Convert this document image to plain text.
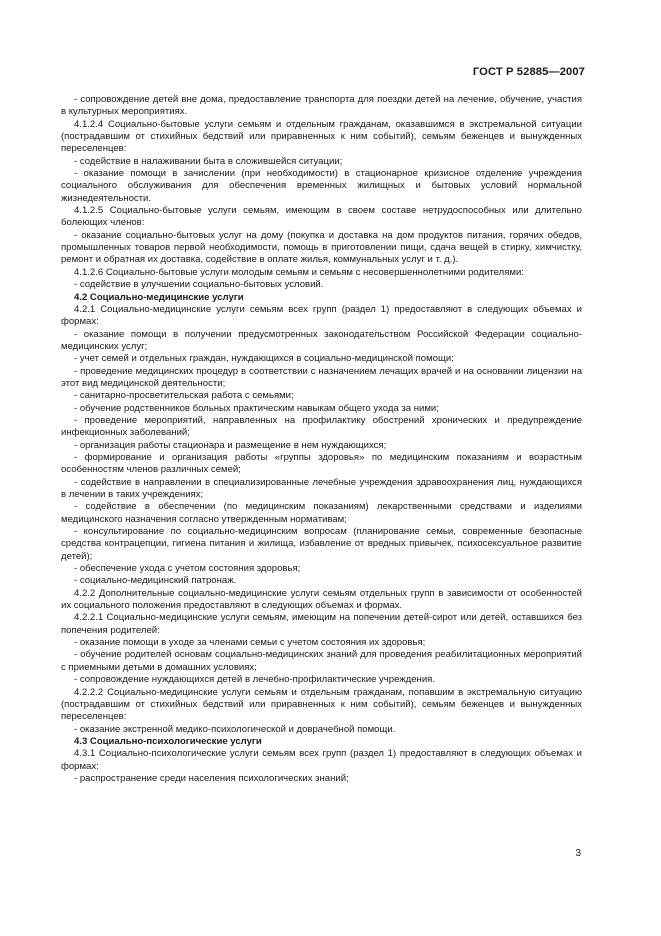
ГОСТ Р 52885—2007

- сопровождение детей вне дома, предоставление транспорта для поездки детей на лечение, обучение, участия в культурных мероприятиях.

4.1.2.4 Социально-бытовые услуги семьям и отдельным гражданам, оказавшимся в экстремальной ситуации (пострадавшим от стихийных бедствий или приравненных к ним событий), семьям беженцев и вынужденных переселенцев:

- содействие в налаживании быта в сложившейся ситуации;

- оказание помощи в зачислении (при необходимости) в стационарное кризисное отделение учреждения социального обслуживания для обеспечения временных жилищных и бытовых условий нормальной жизнедеятельности.

4.1.2.5 Социально-бытовые услуги семьям, имеющим в своем составе нетрудоспособных или длительно болеющих членов:

- оказание социально-бытовых услуг на дому (покупка и доставка на дом продуктов питания, горячих обедов, промышленных товаров первой необходимости, помощь в приготовлении пищи, сдача вещей в стирку, химчистку, ремонт и обратная их доставка, содействие в оплате жилья, коммунальных услуг и т. д.).

4.1.2.6 Социально-бытовые услуги молодым семьям и семьям с несовершеннолетними родителями:

- содействие в улучшении социально-бытовых условий.

4.2 Социально-медицинские услуги

4.2.1 Социально-медицинские услуги семьям всех групп (раздел 1) предоставляют в следующих объемах и формах:

- оказание помощи в получении предусмотренных законодательством Российской Федерации социально-медицинских услуг;

- учет семей и отдельных граждан, нуждающихся в социально-медицинской помощи;

- проведение медицинских процедур в соответствии с назначением лечащих врачей и на основании лицензии на этот вид медицинской деятельности;

- санитарно-просветительская работа с семьями;

- обучение родственников больных практическим навыкам общего ухода за ними;

- проведение мероприятий, направленных на профилактику обострений хронических и предупреждение инфекционных заболеваний;

- организация работы стационара и размещение в нем нуждающихся;

- формирование и организация работы «группы здоровья» по медицинским показаниям и возрастным особенностям членов различных семей;

- содействие в направлении в специализированные лечебные учреждения здравоохранения лиц, нуждающихся в лечении в таких учреждениях;

- содействие в обеспечении (по медицинским показаниям) лекарственными средствами и изделиями медицинского назначения согласно утвержденным нормативам;

- консультирование по социально-медицинским вопросам (планирование семьи, современные безопасные средства контрацепции, гигиена питания и жилища, избавление от вредных привычек, психосексуальное развитие детей);

- обеспечение ухода с учетом состояния здоровья;

- социально-медицинский патронаж.

4.2.2 Дополнительные социально-медицинские услуги семьям отдельных групп в зависимости от особенностей их социального положения предоставляют в следующих объемах и формах.

4.2.2.1 Социально-медицинские услуги семьям, имеющим на попечении детей-сирот или детей, оставшихся без попечения родителей:

- оказание помощи в уходе за членами семьи с учетом состояния их здоровья;

- обучение родителей основам социально-медицинских знаний для проведения реабилитационных мероприятий с приемными детьми в домашних условиях;

- сопровождение нуждающихся детей в лечебно-профилактические учреждения.

4.2.2.2 Социально-медицинские услуги семьям и отдельным гражданам, попавшим в экстремальную ситуацию (пострадавшим от стихийных бедствий или приравненных к ним событий), семьям беженцев и вынужденных переселенцев:

- оказание экстренной медико-психологической и доврачебной помощи.

4.3 Социально-психологические услуги

4.3.1 Социально-психологические услуги семьям всех групп (раздел 1) предоставляют в следующих объемах и формах:

- распространение среди населения психологических знаний;

3
